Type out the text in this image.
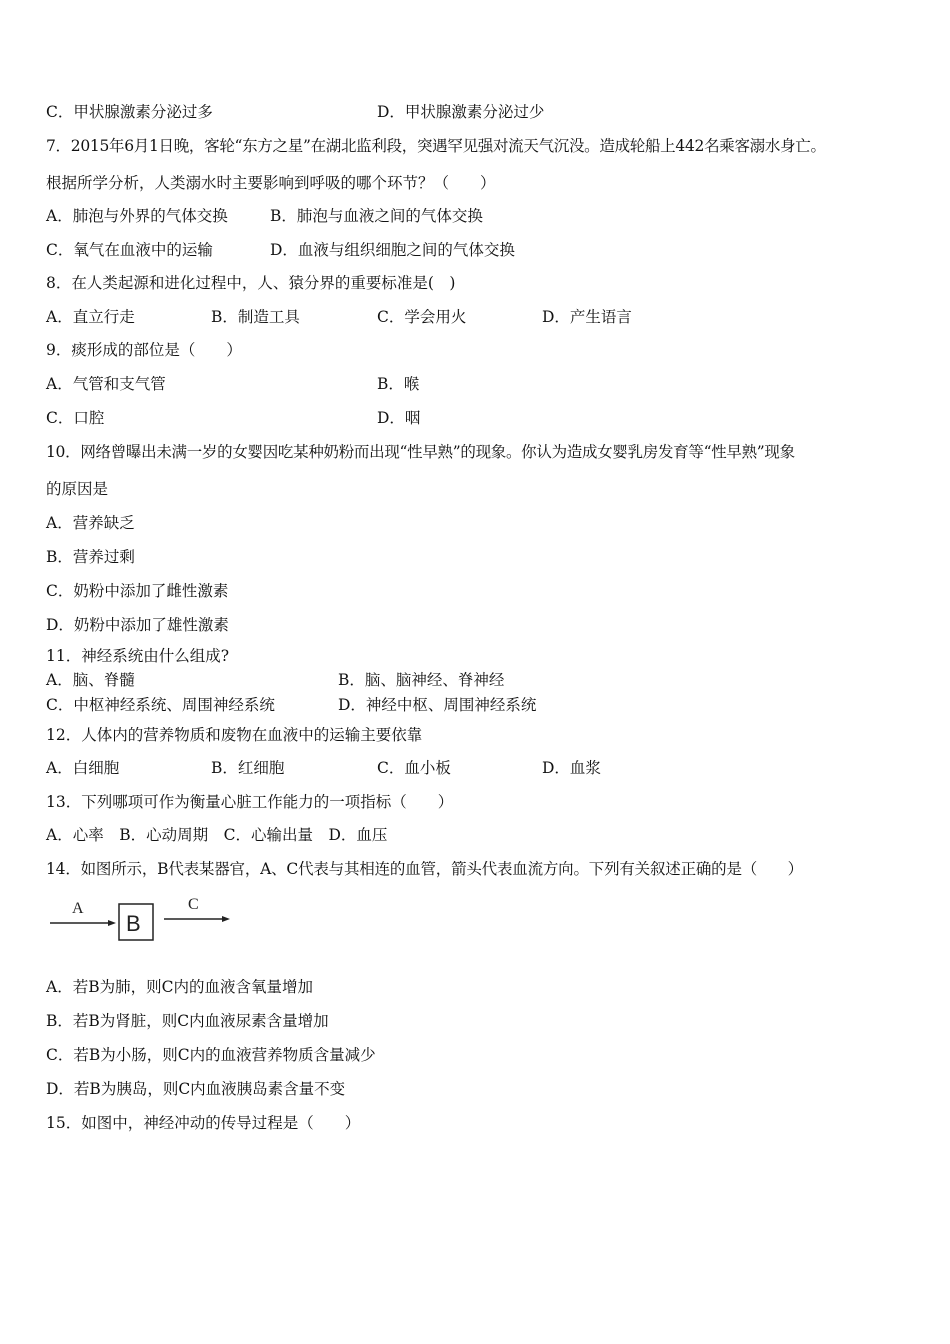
C．甲状腺激素分泌过多	D．甲状腺激素分泌过少
7．2015年6月1日晚，客轮“东方之星”在湖北监利段，突遇罕见强对流天气沉没。造成轮船上442名乘客溺水身亡。
根据所学分析，人类溺水时主要影响到呼吸的哪个环节？（　　）
A．肺泡与外界的气体交换	B．肺泡与血液之间的气体交换
C．氧气在血液中的运输	D．血液与组织细胞之间的气体交换
8．在人类起源和进化过程中，人、猿分界的重要标准是(　)
A．直立行走	B．制造工具	C．学会用火	D．产生语言
9．痰形成的部位是（　　）
A．气管和支气管	B．喉
C．口腔	D．咽
10．网络曾曝出未满一岁的女婴因吃某种奶粉而出现“性早熟”的现象。你认为造成女婴乳房发育等“性早熟”现象
的原因是
A．营养缺乏
B．营养过剩
C．奶粉中添加了雌性激素
D．奶粉中添加了雄性激素
11．神经系统由什么组成?
A．脑、脊髓	B．脑、脑神经、脊神经
C．中枢神经系统、周围神经系统	D．神经中枢、周围神经系统
12．人体内的营养物质和废物在血液中的运输主要依靠
A．白细胞	B．红细胞	C．血小板	D．血浆
13．下列哪项可作为衡量心脏工作能力的一项指标（　　）
A．心率　B．心动周期　C．心输出量　D．血压
14．如图所示，B代表某器官，A、C代表与其相连的血管，箭头代表血流方向。下列有关叙述正确的是（　　）
A
B
C
A．若B为肺，则C内的血液含氧量增加
B．若B为肾脏，则C内血液尿素含量增加
C．若B为小肠，则C内的血液营养物质含量减少
D．若B为胰岛，则C内血液胰岛素含量不变
15．如图中，神经冲动的传导过程是（　　）
